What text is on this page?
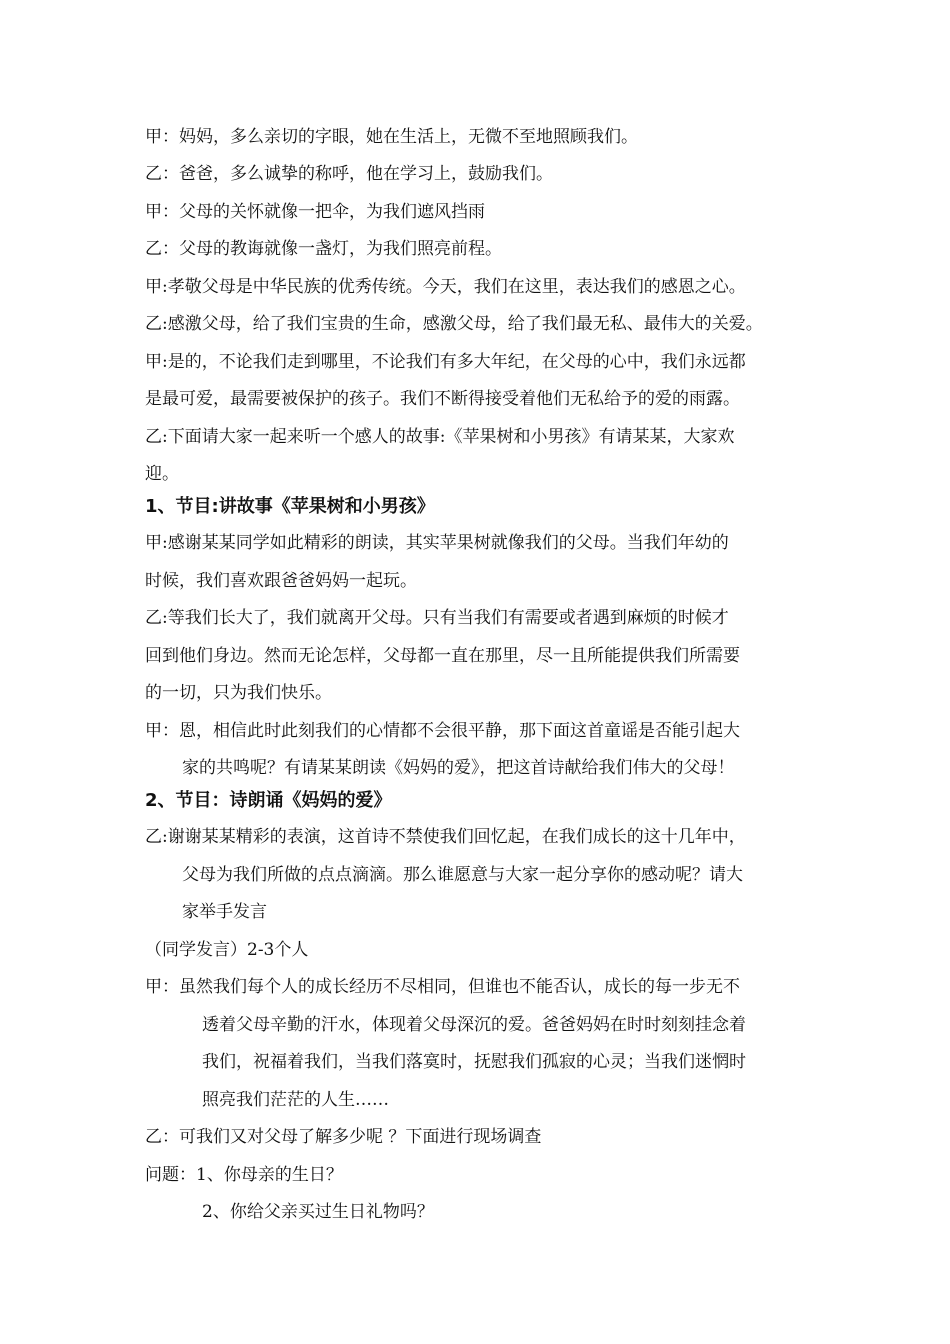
甲：妈妈，多么亲切的字眼，她在生活上，无微不至地照顾我们。
乙：爸爸，多么诚挚的称呼，他在学习上，鼓励我们。
甲：父母的关怀就像一把伞，为我们遮风挡雨
乙：父母的教诲就像一盏灯，为我们照亮前程。
甲:孝敬父母是中华民族的优秀传统。今天，我们在这里，表达我们的感恩之心。
乙:感激父母，给了我们宝贵的生命，感激父母，给了我们最无私、最伟大的关爱。
甲:是的，不论我们走到哪里，不论我们有多大年纪，在父母的心中，我们永远都
是最可爱，最需要被保护的孩子。我们不断得接受着他们无私给予的爱的雨露。
乙:下面请大家一起来听一个感人的故事:《苹果树和小男孩》有请某某，大家欢
迎。
1、节目:讲故事《苹果树和小男孩》
甲:感谢某某同学如此精彩的朗读，其实苹果树就像我们的父母。当我们年幼的
时候，我们喜欢跟爸爸妈妈一起玩。
乙:等我们长大了，我们就离开父母。只有当我们有需要或者遇到麻烦的时候才
回到他们身边。然而无论怎样，父母都一直在那里，尽一且所能提供我们所需要
的一切，只为我们快乐。
甲：恩，相信此时此刻我们的心情都不会很平静，那下面这首童谣是否能引起大
家的共鸣呢？有请某某朗读《妈妈的爱》，把这首诗献给我们伟大的父母！
2、节目：诗朗诵《妈妈的爱》
乙:谢谢某某精彩的表演，这首诗不禁使我们回忆起，在我们成长的这十几年中，
父母为我们所做的点点滴滴。那么谁愿意与大家一起分享你的感动呢？请大
家举手发言
（同学发言）2-3个人
甲：虽然我们每个人的成长经历不尽相同，但谁也不能否认，成长的每一步无不
透着父母辛勤的汗水，体现着父母深沉的爱。爸爸妈妈在时时刻刻挂念着
我们，祝福着我们，当我们落寞时，抚慰我们孤寂的心灵；当我们迷惘时
照亮我们茫茫的人生……
乙：可我们又对父母了解多少呢 ？下面进行现场调查
问题：1、你母亲的生日？
2、你给父亲买过生日礼物吗？
